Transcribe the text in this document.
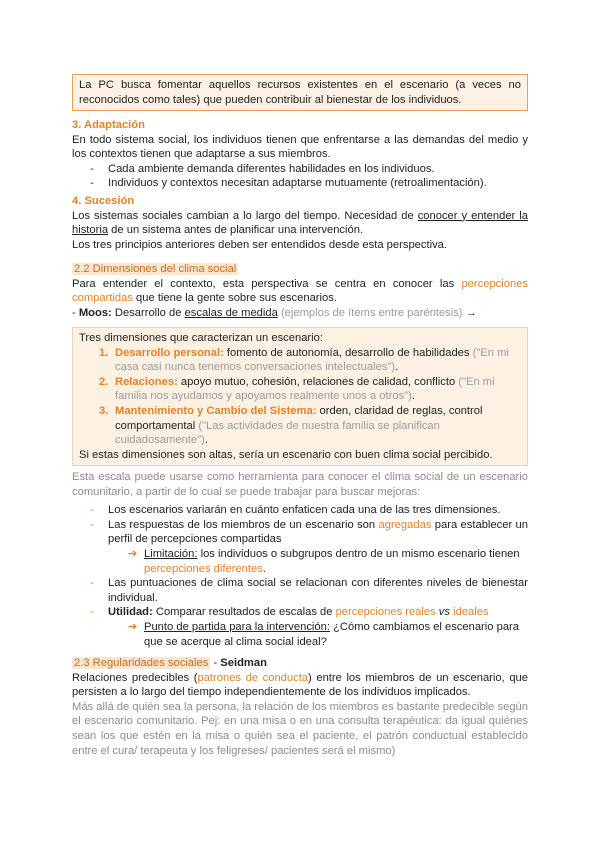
La PC busca fomentar aquellos recursos existentes en el escenario (a veces no reconocidos como tales) que pueden contribuir al bienestar de los individuos.

3. Adaptación

En todo sistema social, los individuos tienen que enfrentarse a las demandas del medio y los contextos tienen que adaptarse a sus miembros.

- Cada ambiente demanda diferentes habilidades en los individuos.
- Individuos y contextos necesitan adaptarse mutuamente (retroalimentación).
4. Sucesión

Los sistemas sociales cambian a lo largo del tiempo. Necesidad de conocer y entender la historia de un sistema antes de planificar una intervención.

Los tres principios anteriores deben ser entendidos desde esta perspectiva.

2.2 Dimensiones del clima social

Para entender el contexto, esta perspectiva se centra en conocer las percepciones compartidas que tiene la gente sobre sus escenarios.

- Moos: Desarrollo de escalas de medida (ejemplos de ítems entre paréntesis) →

Tres dimensiones que caracterizan un escenario:
1. Desarrollo personal: fomento de autonomía, desarrollo de habilidades ("En mi casa casi nunca tenemos conversaciones intelectuales").
2. Relaciones: apoyo mutuo, cohesión, relaciones de calidad, conflicto ("En mi familia nos ayudamos y apoyamos realmente unos a otros").
3. Mantenimiento y Cambio del Sistema: orden, claridad de reglas, control comportamental ("Las actividades de nuestra familia se planifican cuidadosamente").
Si estas dimensiones son altas, sería un escenario con buen clima social percibido.

Esta escala puede usarse como herramienta para conocer el clima social de un escenario comunitario, a partir de lo cual se puede trabajar para buscar mejoras:

- Los escenarios variarán en cuánto enfaticen cada una de las tres dimensiones.
- Las respuestas de los miembros de un escenario son agregadas para establecer un perfil de percepciones compartidas
➔ Limitación: los individuos o subgrupos dentro de un mismo escenario tienen percepciones diferentes.
- Las puntuaciones de clima social se relacionan con diferentes niveles de bienestar individual.
- Utilidad: Comparar resultados de escalas de percepciones reales vs ideales
➔ Punto de partida para la intervención: ¿Cómo cambiamos el escenario para que se acerque al clima social ideal?
2.3 Regularidades sociales - Seidman

Relaciones predecibles (patrones de conducta) entre los miembros de un escenario, que persisten a lo largo del tiempo independientemente de los individuos implicados.

Más allá de quién sea la persona, la relación de los miembros es bastante predecible según el escenario comunitario. Pej: en una misa o en una consulta terapéutica: da igual quiénes sean los que estén en la misa o quién sea el paciente, el patrón conductual establecido entre el cura/ terapeuta y los feligreses/ pacientes será el mismo)
